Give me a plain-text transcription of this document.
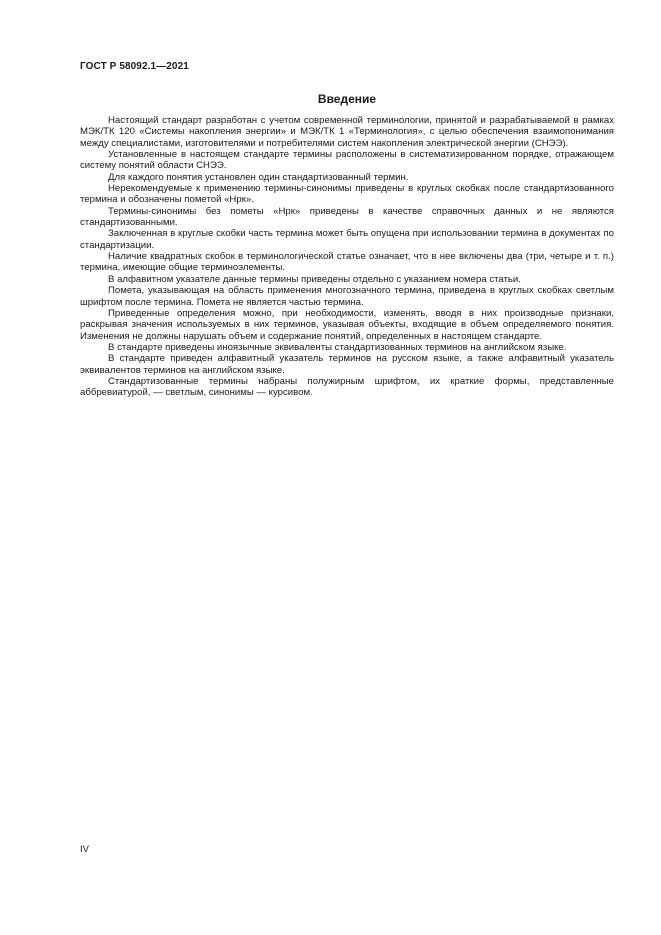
ГОСТ Р 58092.1—2021
Введение

Настоящий стандарт разработан с учетом современной терминологии, принятой и разрабатываемой в рамках МЭК/ТК 120 «Системы накопления энергии» и МЭК/ТК 1 «Терминология», с целью обеспечения взаимопонимания между специалистами, изготовителями и потребителями систем накопления электрической энергии (СНЭЭ).

Установленные в настоящем стандарте термины расположены в систематизированном порядке, отражающем систему понятий области СНЭЭ.

Для каждого понятия установлен один стандартизованный термин.

Нерекомендуемые к применению термины-синонимы приведены в круглых скобках после стандартизованного термина и обозначены пометой «Нрк».

Термины-синонимы без пометы «Нрк» приведены в качестве справочных данных и не являются стандартизованными.

Заключенная в круглые скобки часть термина может быть опущена при использовании термина в документах по стандартизации.

Наличие квадратных скобок в терминологической статье означает, что в нее включены два (три, четыре и т. п.) термина, имеющие общие терминоэлементы.

В алфавитном указателе данные термины приведены отдельно с указанием номера статьи.

Помета, указывающая на область применения многозначного термина, приведена в круглых скобках светлым шрифтом после термина. Помета не является частью термина.

Приведенные определения можно, при необходимости, изменять, вводя в них производные признаки, раскрывая значения используемых в них терминов, указывая объекты, входящие в объем определяемого понятия. Изменения не должны нарушать объем и содержание понятий, определенных в настоящем стандарте.

В стандарте приведены иноязычные эквиваленты стандартизованных терминов на английском языке.

В стандарте приведен алфавитный указатель терминов на русском языке, а также алфавитный указатель эквивалентов терминов на английском языке.

Стандартизованные термины набраны полужирным шрифтом, их краткие формы, представленные аббревиатурой, — светлым, синонимы — курсивом.

IV
